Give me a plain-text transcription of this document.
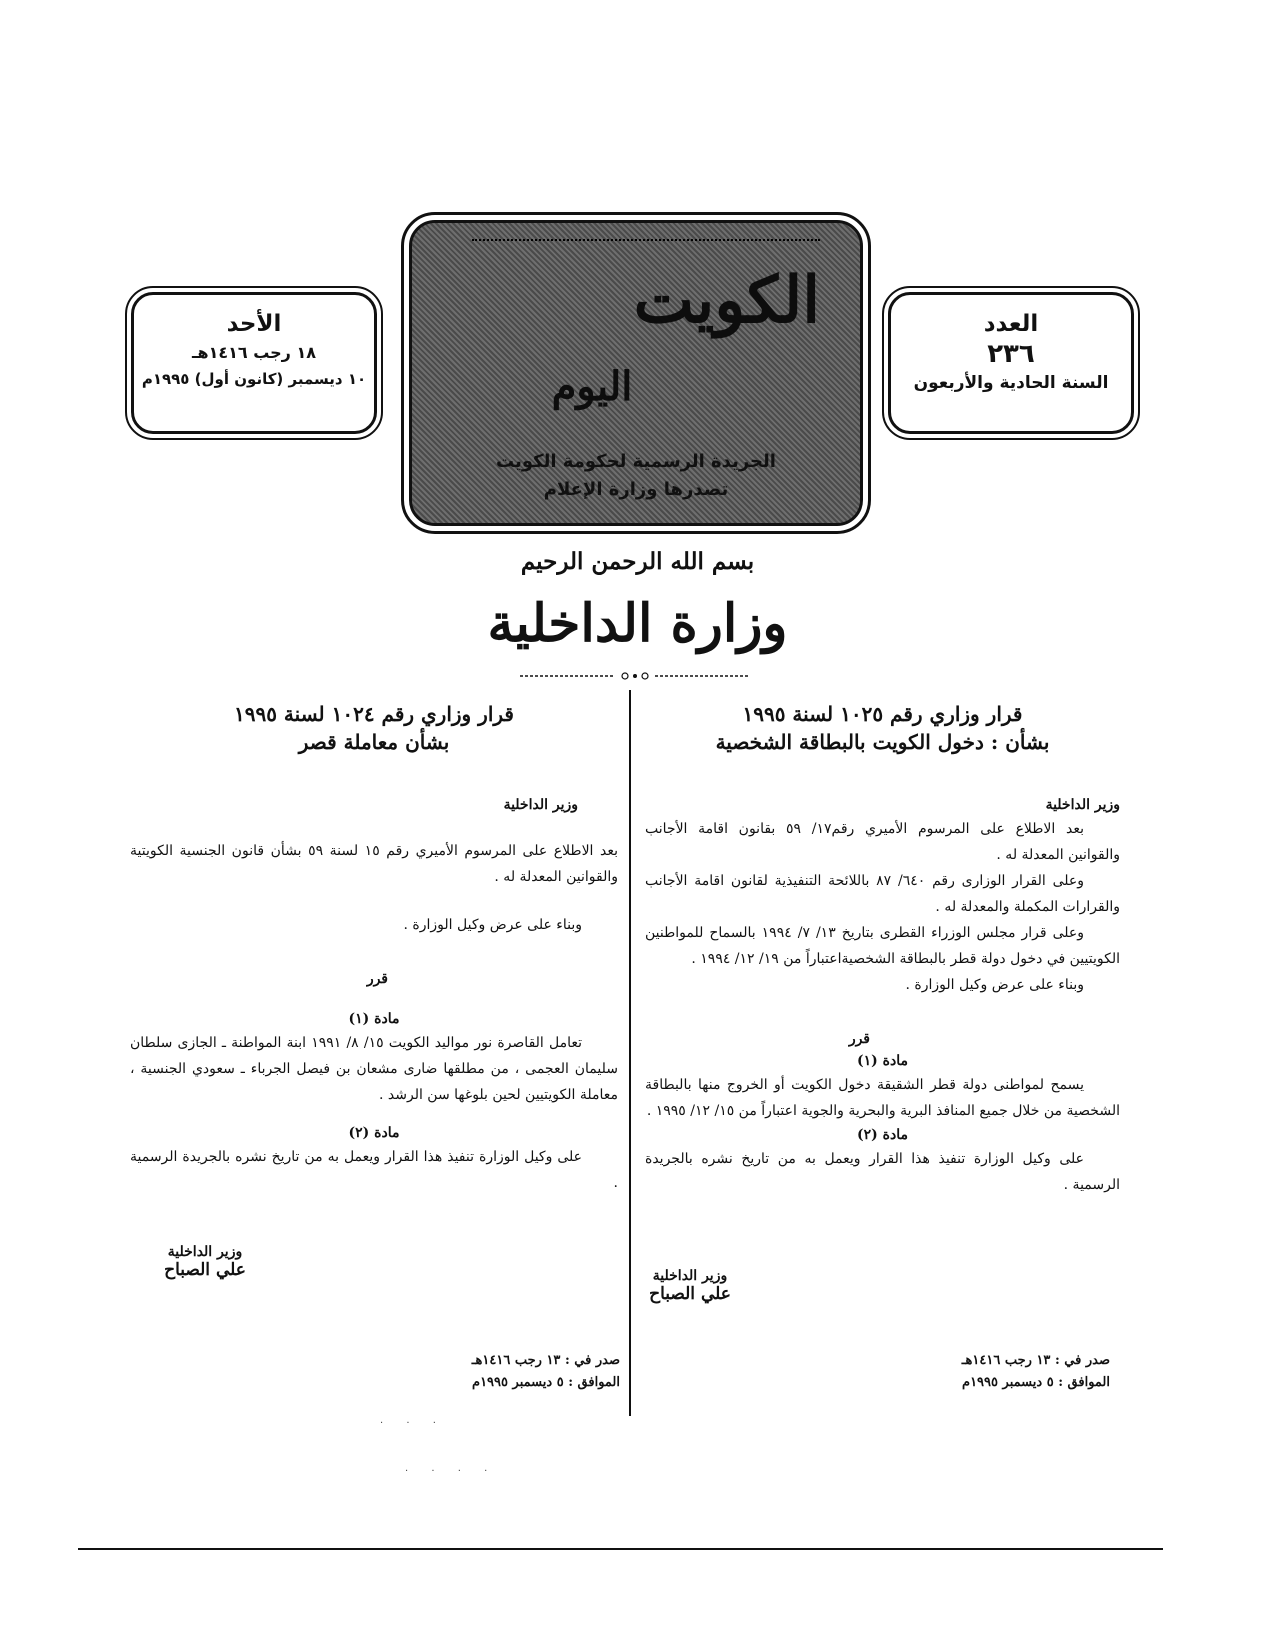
الأحد
١٨ رجب ١٤١٦هـ
١٠ ديسمبر (كانون أول) ١٩٩٥م
الكويت
اليوم
الجريدة الرسمية لحكومة الكويت
تصدرها وزارة الإعلام
العدد
٢٣٦
السنة الحادية والأربعون
بسم الله الرحمن الرحيم
وزارة الداخلية
قرار وزاري رقم ١٠٢٥ لسنة ١٩٩٥
بشأن : دخول الكويت بالبطاقة الشخصية
وزير الداخلية
بعد الاطلاع على المرسوم الأميري رقم١٧/ ٥٩ بقانون اقامة الأجانب والقوانين المعدلة له .
وعلى القرار الوزارى رقم ٦٤٠/ ٨٧ باللائحة التنفيذية لقانون اقامة الأجانب والقرارات المكملة والمعدلة له .
وعلى قرار مجلس الوزراء القطرى بتاريخ ١٣/ ٧/ ١٩٩٤ بالسماح للمواطنين الكويتيين في دخول دولة قطر بالبطاقة الشخصيةاعتباراً من ١٩/ ١٢/ ١٩٩٤ .
وبناء على عرض وكيل الوزارة .
قرر
مادة (١)
يسمح لمواطنى دولة قطر الشقيقة دخول الكويت أو الخروج منها بالبطاقة الشخصية من خلال جميع المنافذ البرية والبحرية والجوية اعتباراً من ١٥/ ١٢/ ١٩٩٥ .
مادة (٢)
على وكيل الوزارة تنفيذ هذا القرار ويعمل به من تاريخ نشره بالجريدة الرسمية .
وزير الداخلية
علي الصباح
صدر في : ١٣ رجب ١٤١٦هـ
الموافق : ٥ ديسمبر ١٩٩٥م
قرار وزاري رقم ١٠٢٤ لسنة ١٩٩٥
بشأن معاملة قصر
وزير الداخلية
بعد الاطلاع على المرسوم الأميري رقم ١٥ لسنة ٥٩ بشأن قانون الجنسية الكويتية والقوانين المعدلة له .
وبناء على عرض وكيل الوزارة .
قرر
مادة (١)
تعامل القاصرة نور مواليد الكويت ١٥/ ٨/ ١٩٩١ ابنة المواطنة ـ الجازى سلطان سليمان العجمى ، من مطلقها ضارى مشعان بن فيصل الجرباء ـ سعودي الجنسية ، معاملة الكويتيين لحين بلوغها سن الرشد .
مادة (٢)
على وكيل الوزارة تنفيذ هذا القرار ويعمل به من تاريخ نشره بالجريدة الرسمية .
وزير الداخلية
علي الصباح
صدر في : ١٣ رجب ١٤١٦هـ
الموافق : ٥ ديسمبر ١٩٩٥م
· · ·
· · · ·
